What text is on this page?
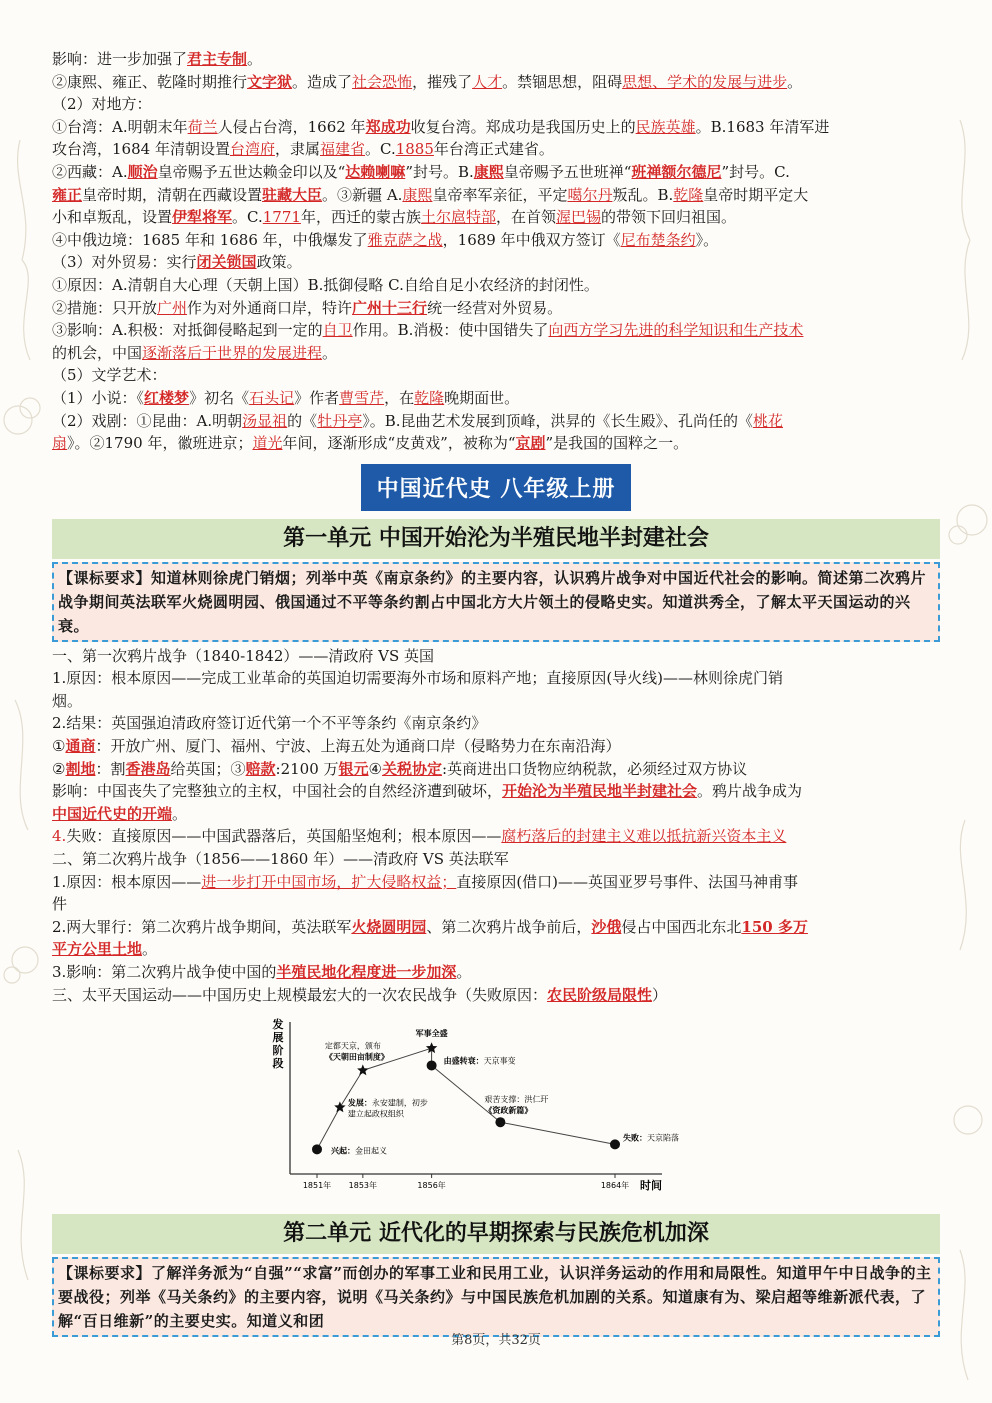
影响：进一步加强了君主专制。
②康熙、雍正、乾隆时期推行文字狱。造成了社会恐怖，摧残了人才。禁锢思想，阻碍思想、学术的发展与进步。
（2）对地方：
①台湾：A.明朝末年荷兰人侵占台湾，1662 年郑成功收复台湾。郑成功是我国历史上的民族英雄。B.1683 年清军进
攻台湾，1684 年清朝设置台湾府，隶属福建省。C.1885年台湾正式建省。
②西藏：A.顺治皇帝赐予五世达赖金印以及“达赖喇嘛”封号。B.康熙皇帝赐予五世班禅“班禅额尔德尼”封号。C.
雍正皇帝时期，清朝在西藏设置驻藏大臣。③新疆 A.康熙皇帝率军亲征，平定噶尔丹叛乱。B.乾隆皇帝时期平定大
小和卓叛乱，设置伊犁将军。C.1771年，西迁的蒙古族土尔扈特部，在首领渥巴锡的带领下回归祖国。
④中俄边境：1685 年和 1686 年，中俄爆发了雅克萨之战，1689 年中俄双方签订《尼布楚条约》。
（3）对外贸易：实行闭关锁国政策。
①原因：A.清朝自大心理（天朝上国）B.抵御侵略 C.自给自足小农经济的封闭性。
②措施：只开放广州作为对外通商口岸，特许广州十三行统一经营对外贸易。
③影响：A.积极：对抵御侵略起到一定的自卫作用。B.消极：使中国错失了向西方学习先进的科学知识和生产技术
的机会，中国逐渐落后于世界的发展进程。
（5）文学艺术：
（1）小说：《红楼梦》初名《石头记》作者曹雪芹，在乾隆晚期面世。
（2）戏剧：①昆曲：A.明朝汤显祖的《牡丹亭》。B.昆曲艺术发展到顶峰，洪昇的《长生殿》、孔尚任的《桃花
扇》。②1790 年，徽班进京；道光年间，逐渐形成“皮黄戏”，被称为“京剧”是我国的国粹之一。
中国近代史 八年级上册
第一单元 中国开始沦为半殖民地半封建社会
【课标要求】知道林则徐虎门销烟；列举中英《南京条约》的主要内容，认识鸦片战争对中国近代社会的影响。简述第二次鸦片战争期间英法联军火烧圆明园、俄国通过不平等条约割占中国北方大片领土的侵略史实。知道洪秀全，了解太平天国运动的兴衰。
一、第一次鸦片战争（1840-1842）——清政府 VS 英国
1.原因：根本原因——完成工业革命的英国迫切需要海外市场和原料产地；直接原因(导火线)——林则徐虎门销
烟。
2.结果：英国强迫清政府签订近代第一个不平等条约《南京条约》
①通商：开放广州、厦门、福州、宁波、上海五处为通商口岸（侵略势力在东南沿海）
②割地：割香港岛给英国；③赔款:2100 万银元④关税协定:英商进出口货物应纳税款，必须经过双方协议
影响：中国丧失了完整独立的主权，中国社会的自然经济遭到破坏，开始沦为半殖民地半封建社会。鸦片战争成为
中国近代史的开端。
4.失败：直接原因——中国武器落后，英国船坚炮利；根本原因——腐朽落后的封建主义难以抵抗新兴资本主义
二、第二次鸦片战争（1856——1860 年）——清政府 VS 英法联军
1.原因：根本原因——进一步打开中国市场，扩大侵略权益；直接原因(借口)——英国亚罗号事件、法国马神甫事
件
2.两大罪行：第二次鸦片战争期间，英法联军火烧圆明园、第二次鸦片战争前后，沙俄侵占中国西北东北150 多万
平方公里土地。
3.影响：第二次鸦片战争使中国的半殖民地化程度进一步加深。
三、太平天国运动——中国历史上规模最宏大的一次农民战争（失败原因：农民阶级局限性）
发
展
阶
段
时间
1851年 1853年	1856年	1864年
兴起：金田起义
发展：永安建制，初步
建立起政权组织
定都天京，颁布
《天朝田亩制度》
军事全盛
由盛转衰：天京事变
艰苦支撑：洪仁玕
《资政新篇》
失败：天京陷落
第二单元 近代化的早期探索与民族危机加深
【课标要求】了解洋务派为“自强”“求富”而创办的军事工业和民用工业，认识洋务运动的作用和局限性。知道甲午中日战争的主要战役；列举《马关条约》的主要内容，说明《马关条约》与中国民族危机加剧的关系。知道康有为、梁启超等维新派代表，了解“百日维新”的主要史实。知道义和团
第8页，共32页
